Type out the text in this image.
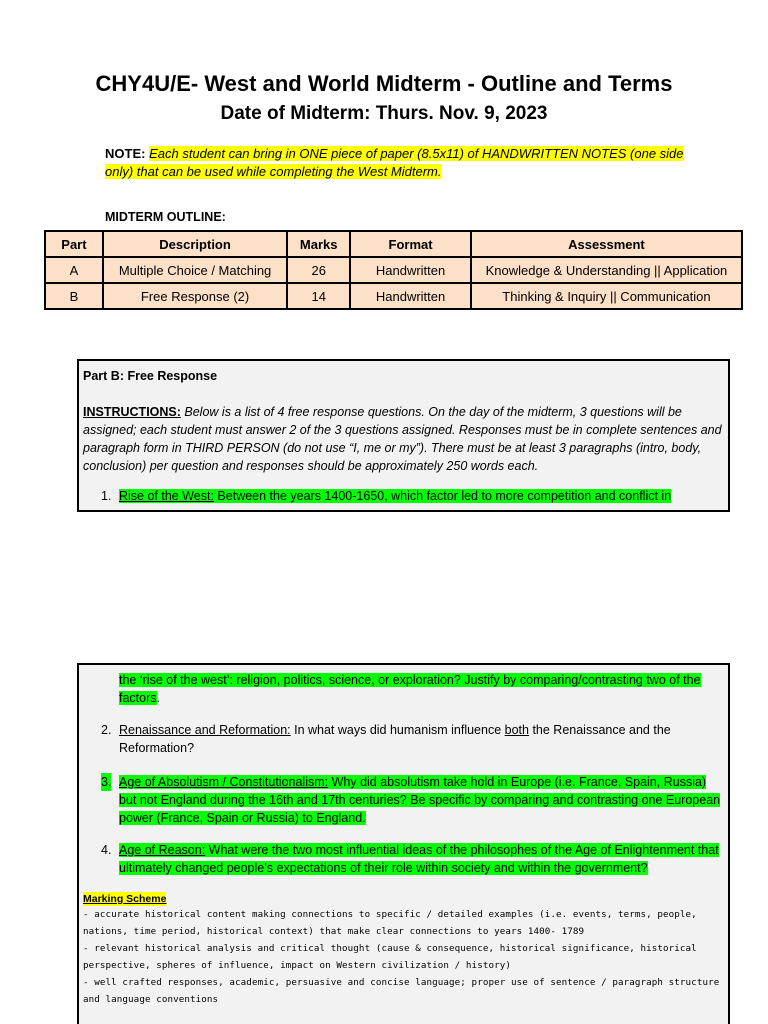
CHY4U/E- West and World Midterm - Outline and Terms
Date of Midterm: Thurs. Nov. 9, 2023
NOTE: Each student can bring in ONE piece of paper (8.5x11) of HANDWRITTEN NOTES (one side only) that can be used while completing the West Midterm.
MIDTERM OUTLINE:
Part	Description	Marks	Format	Assessment
A	Multiple Choice / Matching	26	Handwritten	Knowledge & Understanding || Application
B	Free Response (2)	14	Handwritten	Thinking & Inquiry || Communication
Part B: Free Response
INSTRUCTIONS: Below is a list of 4 free response questions. On the day of the midterm, 3 questions will be assigned; each student must answer 2 of the 3 questions assigned. Responses must be in complete sentences and paragraph form in THIRD PERSON (do not use “I, me or my”). There must be at least 3 paragraphs (intro, body, conclusion) per question and responses should be approximately 250 words each.
1. Rise of the West: Between the years 1400-1650, which factor led to more competition and conflict in
the ‘rise of the west’: religion, politics, science, or exploration? Justify by comparing/contrasting two of the factors.
2. Renaissance and Reformation: In what ways did humanism influence both the Renaissance and the Reformation?
3. Age of Absolutism / Constitutionalism: Why did absolutism take hold in Europe (i.e. France, Spain, Russia) but not England during the 16th and 17th centuries? Be specific by comparing and contrasting one European power (France, Spain or Russia) to England.
4. Age of Reason: What were the two most influential ideas of the philosophes of the Age of Enlightenment that ultimately changed people’s expectations of their role within society and within the government?
Marking Scheme
- accurate historical content making connections to specific / detailed examples (i.e. events, terms, people, nations, time period, historical context) that make clear connections to years 1400- 1789
- relevant historical analysis and critical thought (cause & consequence, historical significance, historical perspective, spheres of influence, impact on Western civilization / history)
- well crafted responses, academic, persuasive and concise language; proper use of sentence / paragraph structure and language conventions
